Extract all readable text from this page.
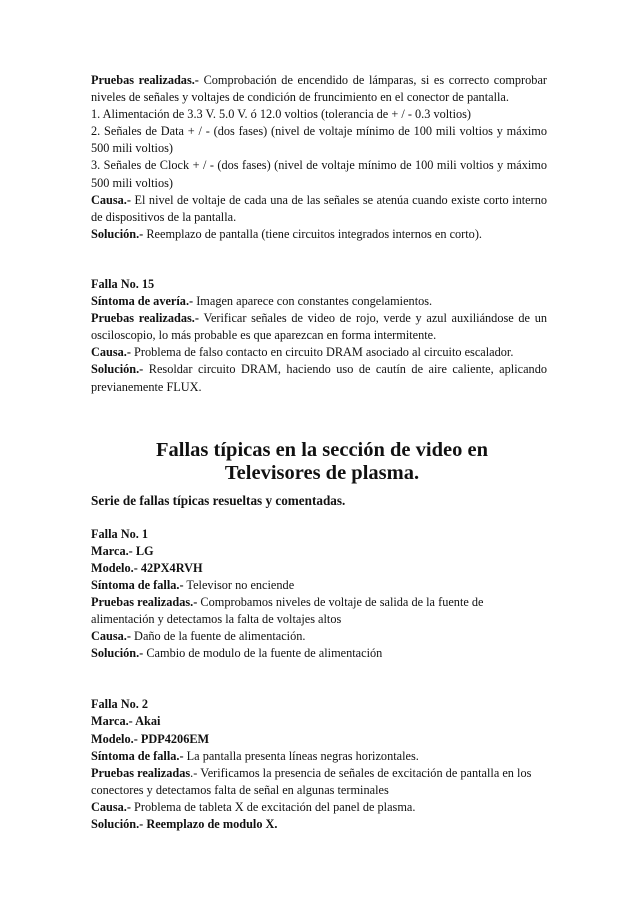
Pruebas realizadas.- Comprobación de encendido de lámparas, si es correcto comprobar niveles de señales y voltajes de condición de fruncimiento en el conector de pantalla.

1. Alimentación de 3.3 V. 5.0 V. ó 12.0 voltios (tolerancia de + / - 0.3 voltios)

2. Señales de Data + / - (dos fases) (nivel de voltaje mínimo de 100 mili voltios y máximo 500 mili voltios)

3. Señales de Clock + / - (dos fases) (nivel de voltaje mínimo de 100 mili voltios y máximo 500 mili voltios)

Causa.- El nivel de voltaje de cada una de las señales se atenúa cuando existe corto interno de dispositivos de la pantalla.

Solución.- Reemplazo de pantalla (tiene circuitos integrados internos en corto).

Falla No. 15

Síntoma de avería.- Imagen aparece con constantes congelamientos.

Pruebas realizadas.- Verificar señales de video de rojo, verde y azul auxiliándose de un osciloscopio, lo más probable es que aparezcan en forma intermitente.

Causa.- Problema de falso contacto en circuito DRAM asociado al circuito escalador.

Solución.- Resoldar circuito DRAM, haciendo uso de cautín de aire caliente, aplicando previanemente FLUX.

Fallas típicas en la sección de video en
Televisores de plasma.

Serie de fallas típicas resueltas y comentadas.

Falla No. 1

Marca.- LG

Modelo.- 42PX4RVH

Síntoma de falla.- Televisor no enciende

Pruebas realizadas.- Comprobamos niveles de voltaje de salida de la fuente de alimentación y detectamos la falta de voltajes altos

Causa.- Daño de la fuente de alimentación.

Solución.- Cambio de modulo de la fuente de alimentación

Falla No. 2

Marca.- Akai

Modelo.- PDP4206EM

Síntoma de falla.- La pantalla presenta líneas negras horizontales.

Pruebas realizadas.- Verificamos la presencia de señales de excitación de pantalla en los conectores y detectamos falta de señal en algunas terminales

Causa.- Problema de tableta X de excitación del panel de plasma.

Solución.- Reemplazo de modulo X.
